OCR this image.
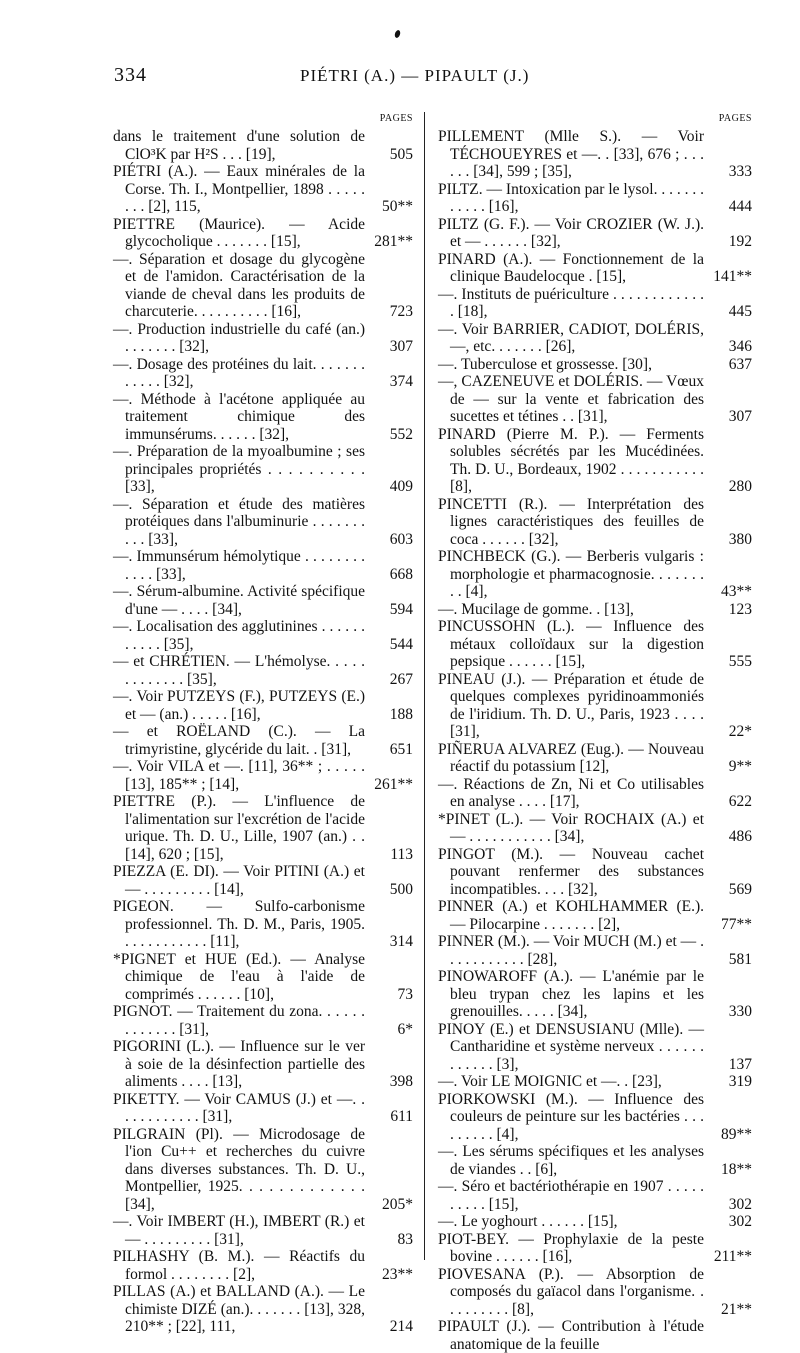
334	PIÉTRI (A.) — PIPAULT (J.)
PAGES
dans le traitement d'une solution de ClO³K par H²S . . . [19],	505
PIÉTRI (A.). — Eaux minérales de la Corse. Th. I., Montpellier, 1898 . . . . . . . . [2], 115,	50**
PIETTRE (Maurice). — Acide glycocholique . . . . . . . [15],	281**
—. Séparation et dosage du glycogène et de l'amidon. Caractérisation de la viande de cheval dans les produits de charcuterie. . . . . . . . . . [16],	723
—. Production industrielle du café (an.) . . . . . . . [32],	307
—. Dosage des protéines du lait. . . . . . . . . . . . [32],	374
—. Méthode à l'acétone appliquée au traitement chimique des immunsérums. . . . . . [32],	552
—. Préparation de la myoalbumine ; ses principales propriétés . . . . . . . . . . [33],	409
—. Séparation et étude des matières protéiques dans l'albuminurie . . . . . . . . . . [33],	603
—. Immunsérum hémolytique . . . . . . . . . . . . [33],	668
—. Sérum-albumine. Activité spécifique d'une — . . . . [34],	594
—. Localisation des agglutinines . . . . . . . . . . . [35],	544
— et CHRÉTIEN. — L'hémolyse. . . . . . . . . . . . . [35],	267
—. Voir PUTZEYS (F.), PUTZEYS (E.) et — (an.) . . . . . [16],	188
— et ROËLAND (C.). — La trimyristine, glycéride du lait. . [31],	651
—. Voir VILA et —. [11], 36** ; . . . . . [13], 185** ; [14],	261**
PIETTRE (P.). — L'influence de l'alimentation sur l'excrétion de l'acide urique. Th. D. U., Lille, 1907 (an.) . . [14], 620 ; [15],	113
PIEZZA (E. DI). — Voir PITINI (A.) et — . . . . . . . . . [14],	500
PIGEON. — Sulfo-carbonisme professionnel. Th. D. M., Paris, 1905. . . . . . . . . . . . [11],	314
*PIGNET et HUE (Ed.). — Analyse chimique de l'eau à l'aide de comprimés . . . . . . [10],	73
PIGNOT. — Traitement du zona. . . . . . . . . . . . . [31],	6*
PIGORINI (L.). — Influence sur le ver à soie de la désinfection partielle des aliments . . . . [13],	398
PIKETTY. — Voir CAMUS (J.) et —. . . . . . . . . . . . [31],	611
PILGRAIN (Pl). — Microdosage de l'ion Cu++ et recherches du cuivre dans diverses substances. Th. D. U., Montpellier, 1925. . . . . . . . . . . . . [34],	205*
—. Voir IMBERT (H.), IMBERT (R.) et — . . . . . . . . . [31],	83
PILHASHY (B. M.). — Réactifs du formol . . . . . . . . [2],	23**
PILLAS (A.) et BALLAND (A.). — Le chimiste DIZÉ (an.). . . . . . . [13], 328, 210** ; [22], 111,	214
PAGES
PILLEMENT (Mlle S.). — Voir TÉCHOUEYRES et —. . [33], 676 ; . . . . . . [34], 599 ; [35],	333
PILTZ. — Intoxication par le lysol. . . . . . . . . . . . [16],	444
PILTZ (G. F.). — Voir CROZIER (W. J.). et — . . . . . . [32],	192
PINARD (A.). — Fonctionnement de la clinique Baudelocque . [15],	141**
—. Instituts de puériculture . . . . . . . . . . . . . [18],	445
—. Voir BARRIER, CADIOT, DOLÉRIS, —, etc. . . . . . . [26],	346
—. Tuberculose et grossesse. [30],	637
—, CAZENEUVE et DOLÉRIS. — Vœux de — sur la vente et fabrication des sucettes et tétines . . [31],	307
PINARD (Pierre M. P.). — Ferments solubles sécrétés par les Mucédinées. Th. D. U., Bordeaux, 1902 . . . . . . . . . . . [8],	280
PINCETTI (R.). — Interprétation des lignes caractéristiques des feuilles de coca . . . . . . [32],	380
PINCHBECK (G.). — Berberis vulgaris : morphologie et pharmacognosie. . . . . . . . . [4],	43**
—. Mucilage de gomme. . [13],	123
PINCUSSOHN (L.). — Influence des métaux colloïdaux sur la digestion pepsique . . . . . . [15],	555
PINEAU (J.). — Préparation et étude de quelques complexes pyridinoammoniés de l'iridium. Th. D. U., Paris, 1923 . . . . [31],	22*
PIÑERUA ALVAREZ (Eug.). — Nouveau réactif du potassium [12],	9**
—. Réactions de Zn, Ni et Co utilisables en analyse . . . . [17],	622
*PINET (L.). — Voir ROCHAIX (A.) et — . . . . . . . . . . . [34],	486
PINGOT (M.). — Nouveau cachet pouvant renfermer des substances incompatibles. . . . [32],	569
PINNER (A.) et KOHLHAMMER (E.). — Pilocarpine . . . . . . . [2],	77**
PINNER (M.). — Voir MUCH (M.) et — . . . . . . . . . . . [28],	581
PINOWAROFF (A.). — L'anémie par le bleu trypan chez les lapins et les grenouilles. . . . . [34],	330
PINOY (E.) et DENSUSIANU (Mlle). — Cantharidine et système nerveux . . . . . . . . . . . . [3],	137
—. Voir LE MOIGNIC et —. . [23],	319
PIORKOWSKI (M.). — Influence des couleurs de peinture sur les bactéries . . . . . . . . . [4],	89**
—. Les sérums spécifiques et les analyses de viandes . . [6],	18**
—. Séro et bactériothérapie en 1907 . . . . . . . . . . [15],	302
—. Le yoghourt . . . . . . [15],	302
PIOT-BEY. — Prophylaxie de la peste bovine . . . . . . [16],	211**
PIOVESANA (P.). — Absorption de composés du gaïacol dans l'organisme. . . . . . . . . . [8],	21**
PIPAULT (J.). — Contribution à l'étude anatomique de la feuille
